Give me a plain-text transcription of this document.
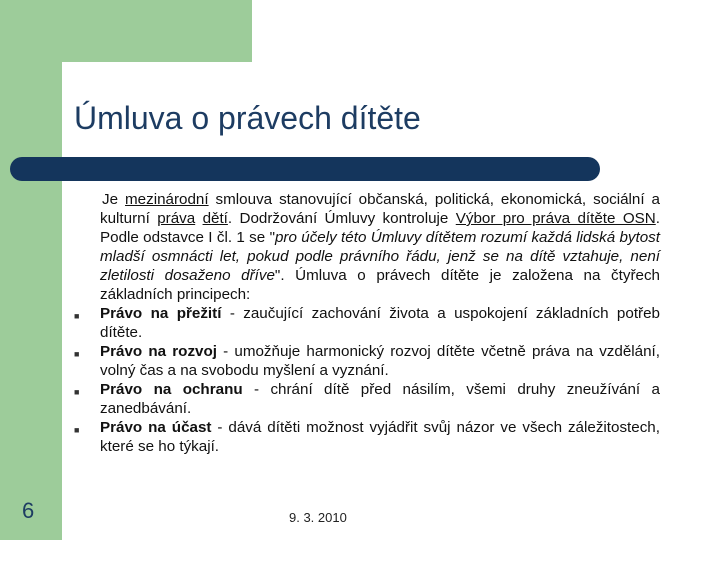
Úmluva o právech dítěte
Je mezinárodní smlouva stanovující občanská, politická, ekonomická, sociální a kulturní práva dětí. Dodržování Úmluvy kontroluje Výbor pro práva dítěte OSN. Podle odstavce I čl. 1 se "pro účely této Úmluvy dítětem rozumí každá lidská bytost mladší osmnácti let, pokud podle právního řádu, jenž se na dítě vztahuje, není zletilosti dosaženo dříve". Úmluva o právech dítěte je založena na čtyřech základních principech:
■ Právo na přežití - zaučující zachování života a uspokojení základních potřeb dítěte.
■ Právo na rozvoj - umožňuje harmonický rozvoj dítěte včetně práva na vzdělání, volný čas a na svobodu myšlení a vyznání.
■ Právo na ochranu - chrání dítě před násilím, všemi druhy zneužívání a zanedbávání.
■ Právo na účast - dává dítěti možnost vyjádřit svůj názor ve všech záležitostech, které se ho týkají.
6	9. 3. 2010
